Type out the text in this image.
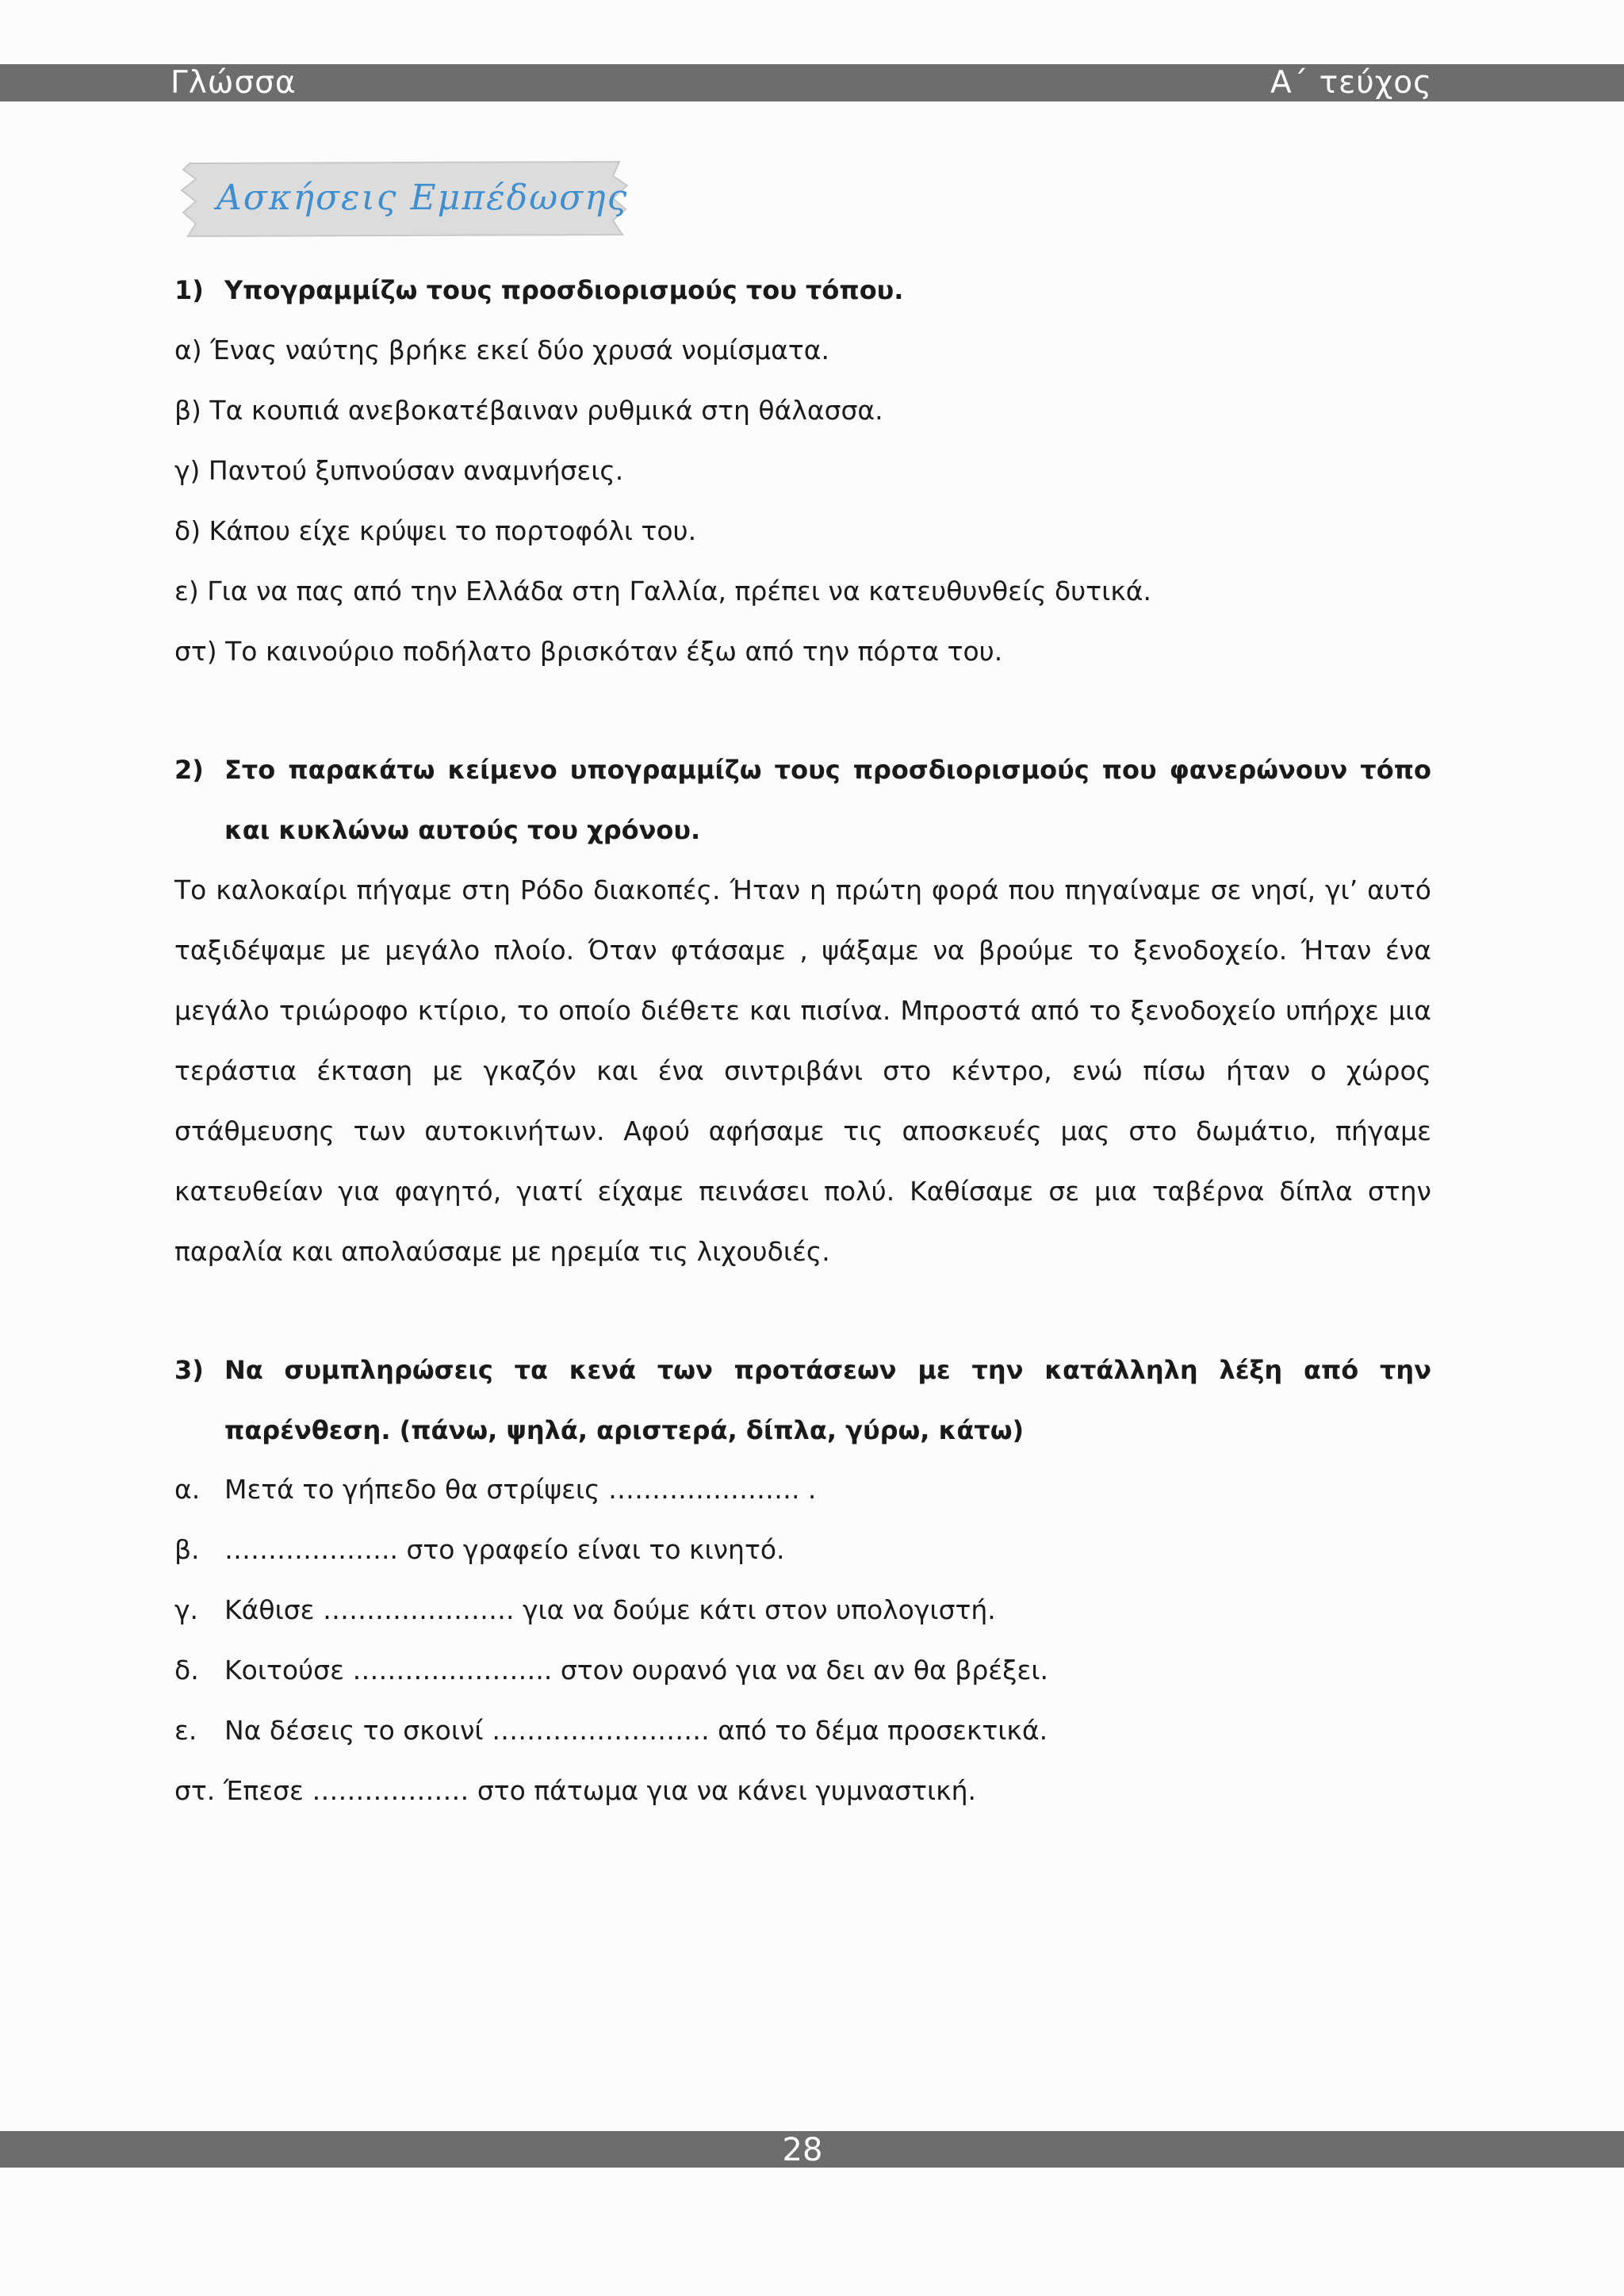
Γλώσσα	Α΄ τεύχος
Ασκήσεις Εμπέδωσης
1) Υπογραμμίζω τους προσδιορισμούς του τόπου.
α) Ένας ναύτης βρήκε εκεί δύο χρυσά νομίσματα.
β) Τα κουπιά ανεβοκατέβαιναν ρυθμικά στη θάλασσα.
γ) Παντού ξυπνούσαν αναμνήσεις.
δ) Κάπου είχε κρύψει το πορτοφόλι του.
ε) Για να πας από την Ελλάδα στη Γαλλία, πρέπει να κατευθυνθείς δυτικά.
στ) Το καινούριο ποδήλατο βρισκόταν έξω από την πόρτα του.
2) Στο παρακάτω κείμενο υπογραμμίζω τους προσδιορισμούς που φανερώνουν τόπο και κυκλώνω αυτούς του χρόνου.
Το καλοκαίρι πήγαμε στη Ρόδο διακοπές. Ήταν η πρώτη φορά που πηγαίναμε σε νησί, γι’ αυτό ταξιδέψαμε με μεγάλο πλοίο. Όταν φτάσαμε , ψάξαμε να βρούμε το ξενοδοχείο. Ήταν ένα μεγάλο τριώροφο κτίριο, το οποίο διέθετε και πισίνα. Μπροστά από το ξενοδοχείο υπήρχε μια τεράστια έκταση με γκαζόν και ένα σιντριβάνι στο κέντρο, ενώ πίσω ήταν ο χώρος στάθμευσης των αυτοκινήτων. Αφού αφήσαμε τις αποσκευές μας στο δωμάτιο, πήγαμε κατευθείαν για φαγητό, γιατί είχαμε πεινάσει πολύ. Καθίσαμε σε μια ταβέρνα δίπλα στην παραλία και απολαύσαμε με ηρεμία τις λιχουδιές.
3) Να συμπληρώσεις τα κενά των προτάσεων με την κατάλληλη λέξη από την παρένθεση. (πάνω, ψηλά, αριστερά, δίπλα, γύρω, κάτω)
α. Μετά το γήπεδο θα στρίψεις …………………. .
β. ……………….. στο γραφείο είναι το κινητό.
γ. Κάθισε …………………. για να δούμε κάτι στον υπολογιστή.
δ. Κοιτούσε ………………….. στον ουρανό για να δει αν θα βρέξει.
ε. Να δέσεις το σκοινί ……………………. από το δέμα προσεκτικά.
στ. Έπεσε ……………… στο πάτωμα για να κάνει γυμναστική.
28
